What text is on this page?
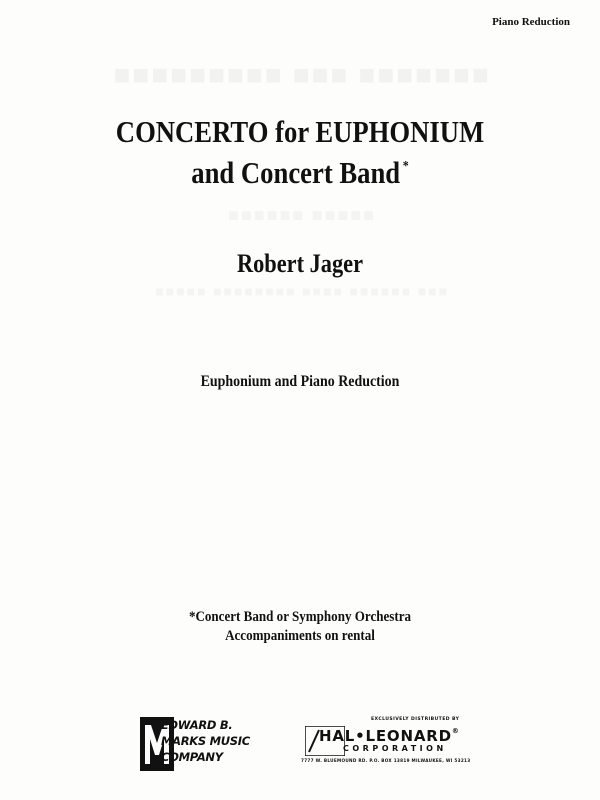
Piano Reduction
■■■■■■■ ■■■ ■■■■■■■■■
■■■■■ ■■■■■■
■■■ ■■■■■■ ■■■■ ■■■■■■■■ ■■■■■
CONCERTO for EUPHONIUM
and Concert Band *
Robert Jager
Euphonium and Piano Reduction
*Concert Band or Symphony Orchestra
Accompaniments on rental
EDWARD B.
MARKS MUSIC
COMPANY
EXCLUSIVELY DISTRIBUTED BY
HAL•LEONARD®
CORPORATION
7777 W. BLUEMOUND RD. P.O. BOX 13819 MILWAUKEE, WI 53213
